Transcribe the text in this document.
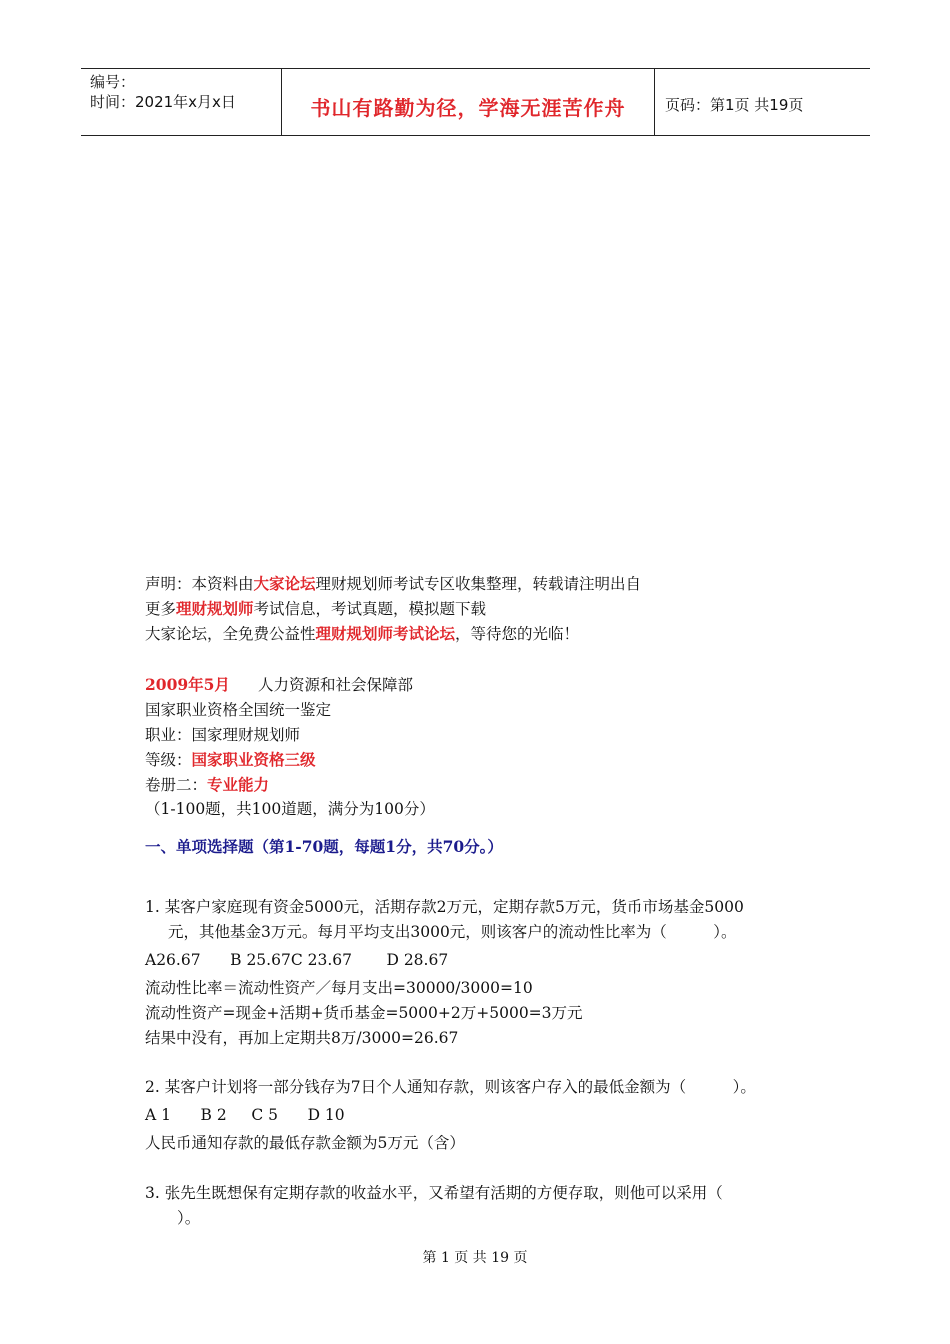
编号：
时间：2021年x月x日	书山有路勤为径，学海无涯苦作舟	页码：第1页 共19页
声明：本资料由大家论坛理财规划师考试专区收集整理，转载请注明出自
更多理财规划师考试信息，考试真题，模拟题下载
大家论坛，全免费公益性理财规划师考试论坛，等待您的光临！
2009年5月 人力资源和社会保障部
国家职业资格全国统一鉴定
职业：国家理财规划师
等级：国家职业资格三级
卷册二：专业能力
（1-100题，共100道题，满分为100分）
一、单项选择题（第1-70题，每题1分，共70分。）
1. 某客户家庭现有资金5000元，活期存款2万元，定期存款5万元，货币市场基金5000
元，其他基金3万元。每月平均支出3000元，则该客户的流动性比率为（　　　）。
A26.67      B 25.67C 23.67       D 28.67
流动性比率＝流动性资产／每月支出=30000/3000=10
流动性资产=现金+活期+货币基金=5000+2万+5000=3万元
结果中没有，再加上定期共8万/3000=26.67
2. 某客户计划将一部分钱存为7日个人通知存款，则该客户存入的最低金额为（　　　）。
A 1      B 2     C 5      D 10
人民币通知存款的最低存款金额为5万元（含）
3. 张先生既想保有定期存款的收益水平，又希望有活期的方便存取，则他可以采用（
）。
第 1 页 共 19 页
